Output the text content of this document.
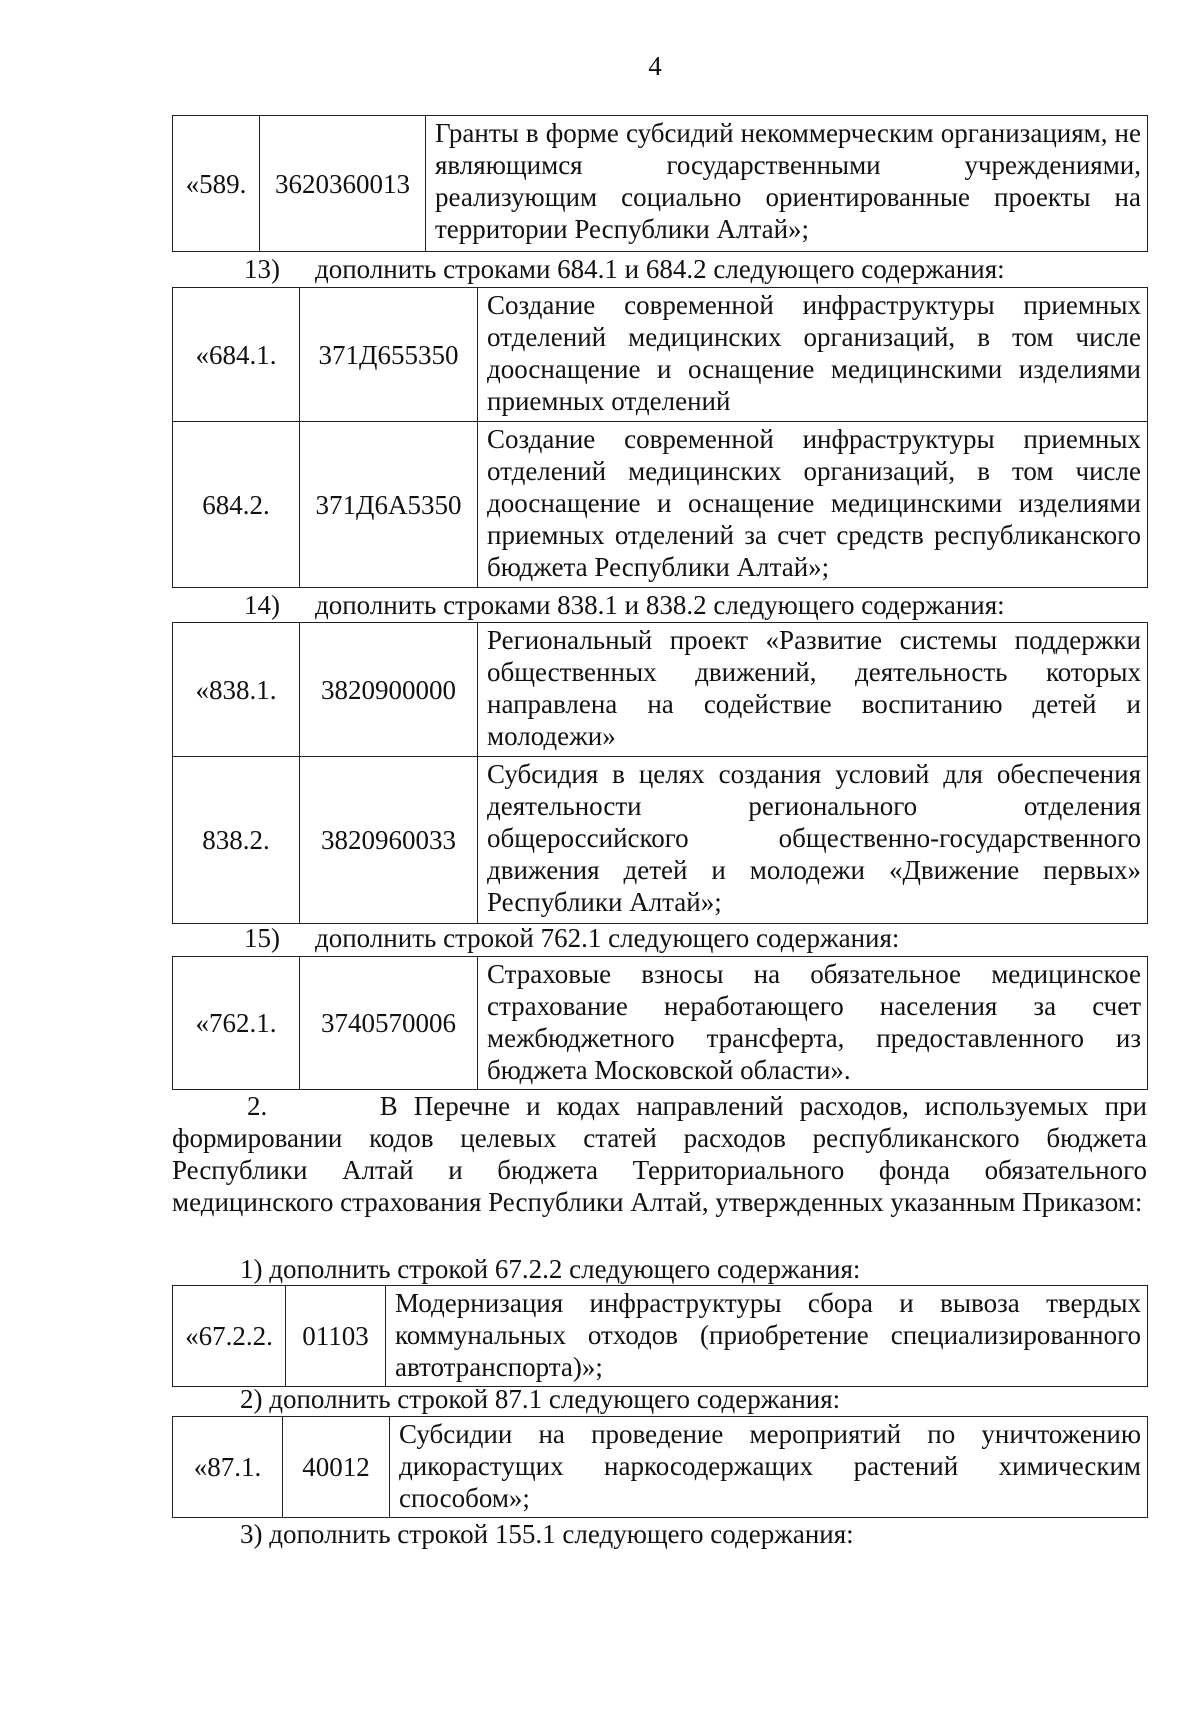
4
«589.	3620360013	Гранты в форме субсидий некоммерческим организациям, не являющимся государственными учреждениями, реализующим социально ориентированные проекты на территории Республики Алтай»;
13) дополнить строками 684.1 и 684.2 следующего содержания:
«684.1.	371Д655350	Создание современной инфраструктуры приемных отделений медицинских организаций, в том числе дооснащение и оснащение медицинскими изделиями приемных отделений
684.2.	371Д6А5350	Создание современной инфраструктуры приемных отделений медицинских организаций, в том числе дооснащение и оснащение медицинскими изделиями приемных отделений за счет средств республиканского бюджета Республики Алтай»;
14) дополнить строками 838.1 и 838.2 следующего содержания:
«838.1.	3820900000	Региональный проект «Развитие системы поддержки общественных движений, деятельность которых направлена на содействие воспитанию детей и молодежи»
838.2.	3820960033	Субсидия в целях создания условий для обеспечения деятельности регионального отделения общероссийского общественно-государственного движения детей и молодежи «Движение первых» Республики Алтай»;
15) дополнить строкой 762.1 следующего содержания:
«762.1.	3740570006	Страховые взносы на обязательное медицинское страхование неработающего населения за счет межбюджетного трансферта, предоставленного из бюджета Московской области».
2.       В Перечне и кодах направлений расходов, используемых при формировании кодов целевых статей расходов республиканского бюджета Республики Алтай и бюджета Территориального фонда обязательного медицинского страхования Республики Алтай, утвержденных указанным Приказом:
1) дополнить строкой 67.2.2 следующего содержания:
«67.2.2.	01103	Модернизация инфраструктуры сбора и вывоза твердых коммунальных отходов (приобретение специализированного автотранспорта)»;
2) дополнить строкой 87.1 следующего содержания:
«87.1.	40012	Субсидии на проведение мероприятий по уничтожению дикорастущих наркосодержащих растений химическим способом»;
3) дополнить строкой 155.1 следующего содержания:
